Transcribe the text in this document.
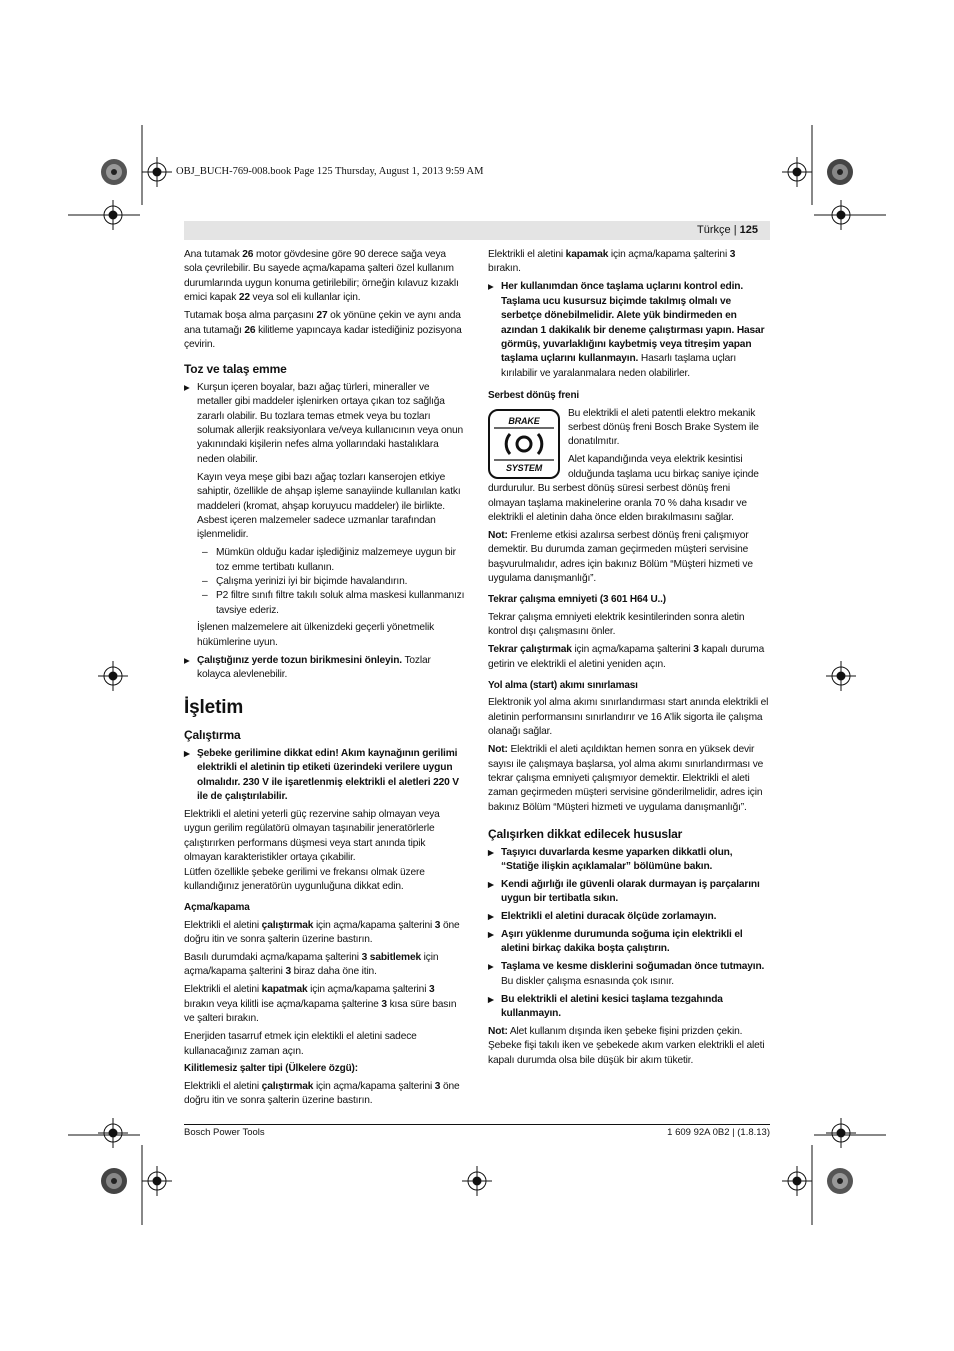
OBJ_BUCH-769-008.book Page 125 Thursday, August 1, 2013 9:59 AM
Türkçe | 125

Ana tutamak 26 motor gövdesine göre 90 derece sağa veya sola çevrilebilir. Bu sayede açma/kapama şalteri özel kullanım durumlarında uygun konuma getirilebilir; örneğin kılavuz kızaklı emici kapak 22 veya sol eli kullanlar için.

Tutamak boşa alma parçasını 27 ok yönüne çekin ve aynı anda ana tutamağı 26 kilitleme yapıncaya kadar istediğiniz pozisyona çevirin.

Toz ve talaş emme

▶ Kurşun içeren boyalar, bazı ağaç türleri, mineraller ve metaller gibi maddeler işlenirken ortaya çıkan toz sağlığa zararlı olabilir. Bu tozlara temas etmek veya bu tozları solumak allerjik reaksiyonlara ve/veya kullanıcının veya onun yakınındaki kişilerin nefes alma yollarındaki hastalıklara neden olabilir.

Kayın veya meşe gibi bazı ağaç tozları kanserojen etkiye sahiptir, özellikle de ahşap işleme sanayiinde kullanılan katkı maddeleri (kromat, ahşap koruyucu maddeler) ile birlikte. Asbest içeren malzemeler sadece uzmanlar tarafından işlenmelidir.

– Mümkün olduğu kadar işlediğiniz malzemeye uygun bir toz emme tertibatı kullanın.

– Çalışma yerinizi iyi bir biçimde havalandırın.

– P2 filtre sınıfı filtre takılı soluk alma maskesi kullanmanızı tavsiye ederiz.

İşlenen malzemelere ait ülkenizdeki geçerli yönetmelik hükümlerine uyun.

▶ Çalıştığınız yerde tozun birikmesini önleyin. Tozlar kolayca alevlenebilir.

İşletim

Çalıştırma

▶ Şebeke gerilimine dikkat edin! Akım kaynağının gerilimi elektrikli el aletinin tip etiketi üzerindeki verilere uygun olmalıdır. 230 V ile işaretlenmiş elektrikli el aletleri 220 V ile de çalıştırılabilir.

Elektrikli el aletini yeterli güç rezervine sahip olmayan veya uygun gerilim regülatörü olmayan taşınabilir jeneratörlerle çalıştırırken performans düşmesi veya start anında tipik olmayan karakteristikler ortaya çıkabilir.

Lütfen özellikle şebeke gerilimi ve frekansı olmak üzere kullandığınız jeneratörün uygunluğuna dikkat edin.

Açma/kapama

Elektrikli el aletini çalıştırmak için açma/kapama şalterini 3 öne doğru itin ve sonra şalterin üzerine bastırın.

Basılı durumdaki açma/kapama şalterini 3 sabitlemek için açma/kapama şalterini 3 biraz daha öne itin.

Elektrikli el aletini kapatmak için açma/kapama şalterini 3 bırakın veya kilitli ise açma/kapama şalterine 3 kısa süre basın ve şalteri bırakın.

Enerjiden tasarruf etmek için elektikli el aletini sadece kullanacağınız zaman açın.

Kilitlemesiz şalter tipi (Ülkelere özgü):

Elektrikli el aletini çalıştırmak için açma/kapama şalterini 3 öne doğru itin ve sonra şalterin üzerine bastırın.

Elektrikli el aletini kapamak için açma/kapama şalterini 3 bırakın.

▶ Her kullanımdan önce taşlama uçlarını kontrol edin. Taşlama ucu kusursuz biçimde takılmış olmalı ve serbetçe dönebilmelidir. Alete yük bindirmeden en azından 1 dakikalık bir deneme çalıştırması yapın. Hasar görmüş, yuvarlaklığını kaybetmiş veya titreşim yapan taşlama uçlarını kullanmayın. Hasarlı taşlama uçları kırılabilir ve yaralanmalara neden olabilirler.

Serbest dönüş freni

BRAKE
SYSTEM

Bu elektrikli el aleti patentli elektro mekanik serbest dönüş freni Bosch Brake System ile donatılmıtır.

Alet kapandığında veya elektrik kesintisi olduğunda taşlama ucu birkaç saniye içinde durdurulur. Bu serbest dönüş süresi serbest dönüş freni olmayan taşlama makinelerine oranla 70 % daha kısadır ve elektrikli el aletinin daha önce elden bırakılmasını sağlar.

Not: Frenleme etkisi azalırsa serbest dönüş freni çalışmıyor demektir. Bu durumda zaman geçirmeden müşteri servisine başvurulmalıdır, adres için bakınız Bölüm “Müşteri hizmeti ve uygulama danışmanlığı”.

Tekrar çalışma emniyeti (3 601 H64 U..)

Tekrar çalışma emniyeti elektrik kesintilerinden sonra aletin kontrol dışı çalışmasını önler.

Tekrar çalıştırmak için açma/kapama şalterini 3 kapalı duruma getirin ve elektrikli el aletini yeniden açın.

Yol alma (start) akımı sınırlaması

Elektronik yol alma akımı sınırlandırması start anında elektrikli el aletinin performansını sınırlandırır ve 16 A’lik sigorta ile çalışma olanağı sağlar.

Not: Elektrikli el aleti açıldıktan hemen sonra en yüksek devir sayısı ile çalışmaya başlarsa, yol alma akımı sınırlandırması ve tekrar çalışma emniyeti çalışmıyor demektir. Elektrikli el aleti zaman geçirmeden müşteri servisine gönderilmelidir, adres için bakınız Bölüm “Müşteri hizmeti ve uygulama danışmanlığı”.

Çalışırken dikkat edilecek hususlar

▶ Taşıyıcı duvarlarda kesme yaparken dikkatli olun, “Statiğe ilişkin açıklamalar” bölümüne bakın.

▶ Kendi ağırlığı ile güvenli olarak durmayan iş parçalarını uygun bir tertibatla sıkın.

▶ Elektrikli el aletini duracak ölçüde zorlamayın.

▶ Aşırı yüklenme durumunda soğuma için elektrikli el aletini birkaç dakika boşta çalıştırın.

▶ Taşlama ve kesme disklerini soğumadan önce tutmayın. Bu diskler çalışma esnasında çok ısınır.

▶ Bu elektrikli el aletini kesici taşlama tezgahında kullanmayın.

Not: Alet kullanım dışında iken şebeke fişini prizden çekin. Şebeke fişi takılı iken ve şebekede akım varken elektrikli el aleti kapalı durumda olsa bile düşük bir akım tüketir.

Bosch Power Tools	1 609 92A 0B2 | (1.8.13)
